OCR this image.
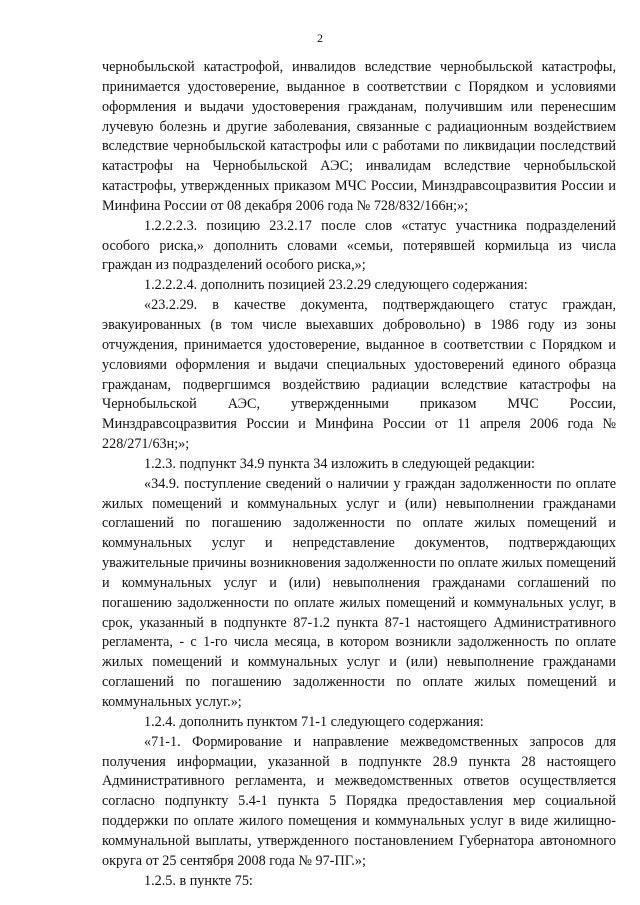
2

чернобыльской катастрофой, инвалидов вследствие чернобыльской катастрофы, принимается удостоверение, выданное в соответствии с Порядком и условиями оформления и выдачи удостоверения гражданам, получившим или перенесшим лучевую болезнь и другие заболевания, связанные с радиационным воздействием вследствие чернобыльской катастрофы или с работами по ликвидации последствий катастрофы на Чернобыльской АЭС; инвалидам вследствие чернобыльской катастрофы, утвержденных приказом МЧС России, Минздравсоцразвития России и Минфина России от 08 декабря 2006 года № 728/832/166н;»;

1.2.2.2.3. позицию 23.2.17 после слов «статус участника подразделений особого риска,» дополнить словами «семьи, потерявшей кормильца из числа граждан из подразделений особого риска,»;

1.2.2.2.4. дополнить позицией 23.2.29 следующего содержания:

«23.2.29. в качестве документа, подтверждающего статус граждан, эвакуированных (в том числе выехавших добровольно) в 1986 году из зоны отчуждения, принимается удостоверение, выданное в соответствии с Порядком и условиями оформления и выдачи специальных удостоверений единого образца гражданам, подвергшимся воздействию радиации вследствие катастрофы на Чернобыльской АЭС, утвержденными приказом МЧС России, Минздравсоцразвития России и Минфина России от 11 апреля 2006 года № 228/271/63н;»;

1.2.3. подпункт 34.9 пункта 34 изложить в следующей редакции:

«34.9. поступление сведений о наличии у граждан задолженности по оплате жилых помещений и коммунальных услуг и (или) невыполнении гражданами соглашений по погашению задолженности по оплате жилых помещений и коммунальных услуг и непредставление документов, подтверждающих уважительные причины возникновения задолженности по оплате жилых помещений и коммунальных услуг и (или) невыполнения гражданами соглашений по погашению задолженности по оплате жилых помещений и коммунальных услуг, в срок, указанный в подпункте 87-1.2 пункта 87-1 настоящего Административного регламента, - с 1-го числа месяца, в котором возникли задолженность по оплате жилых помещений и коммунальных услуг и (или) невыполнение гражданами соглашений по погашению задолженности по оплате жилых помещений и коммунальных услуг.»;

1.2.4. дополнить пунктом 71-1 следующего содержания:

«71-1. Формирование и направление межведомственных запросов для получения информации, указанной в подпункте 28.9 пункта 28 настоящего Административного регламента, и межведомственных ответов осуществляется согласно подпункту 5.4-1 пункта 5 Порядка предоставления мер социальной поддержки по оплате жилого помещения и коммунальных услуг в виде жилищно-коммунальной выплаты, утвержденного постановлением Губернатора автономного округа от 25 сентября 2008 года № 97-ПГ.»;

1.2.5. в пункте 75:
